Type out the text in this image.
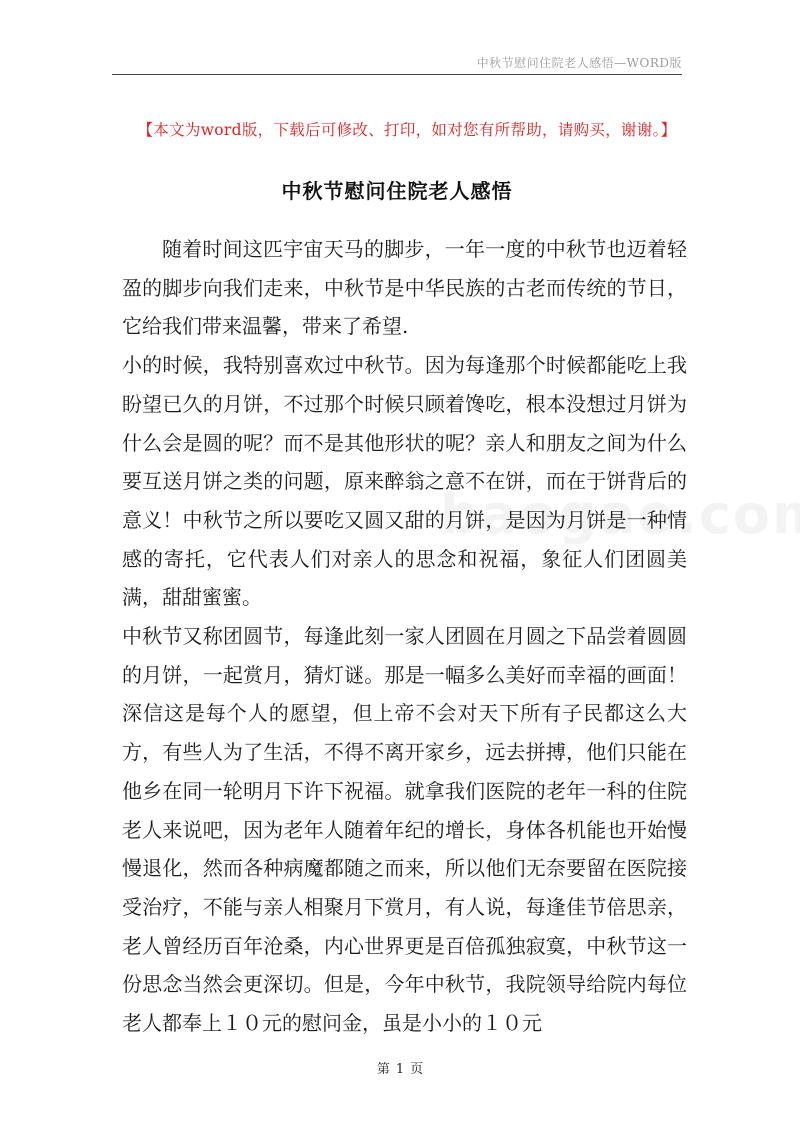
中秋节慰问住院老人感悟—WORD版
【本文为word版，下载后可修改、打印，如对您有所帮助，请购买，谢谢。】
中秋节慰问住院老人感悟

随着时间这匹宇宙天马的脚步，一年一度的中秋节也迈着轻盈的脚步向我们走来，中秋节是中华民族的古老而传统的节日，它给我们带来温馨，带来了希望.

小的时候，我特别喜欢过中秋节。因为每逢那个时候都能吃上我盼望已久的月饼，不过那个时候只顾着馋吃，根本没想过月饼为什么会是圆的呢？而不是其他形状的呢？亲人和朋友之间为什么要互送月饼之类的问题，原来醉翁之意不在饼，而在于饼背后的意义！中秋节之所以要吃又圆又甜的月饼，是因为月饼是一种情感的寄托，它代表人们对亲人的思念和祝福，象征人们团圆美满，甜甜蜜蜜。

中秋节又称团圆节，每逢此刻一家人团圆在月圆之下品尝着圆圆的月饼，一起赏月，猜灯谜。那是一幅多么美好而幸福的画面！深信这是每个人的愿望，但上帝不会对天下所有子民都这么大方，有些人为了生活，不得不离开家乡，远去拼搏，他们只能在他乡在同一轮明月下许下祝福。就拿我们医院的老年一科的住院老人来说吧，因为老年人随着年纪的增长，身体各机能也开始慢慢退化，然而各种病魔都随之而来，所以他们无奈要留在医院接受治疗，不能与亲人相聚月下赏月，有人说，每逢佳节倍思亲，老人曾经历百年沧桑，内心世界更是百倍孤独寂寞，中秋节这一份思念当然会更深切。但是，今年中秋节，我院领导给院内每位老人都奉上１０元的慰问金，虽是小小的１０元

第 1 页
